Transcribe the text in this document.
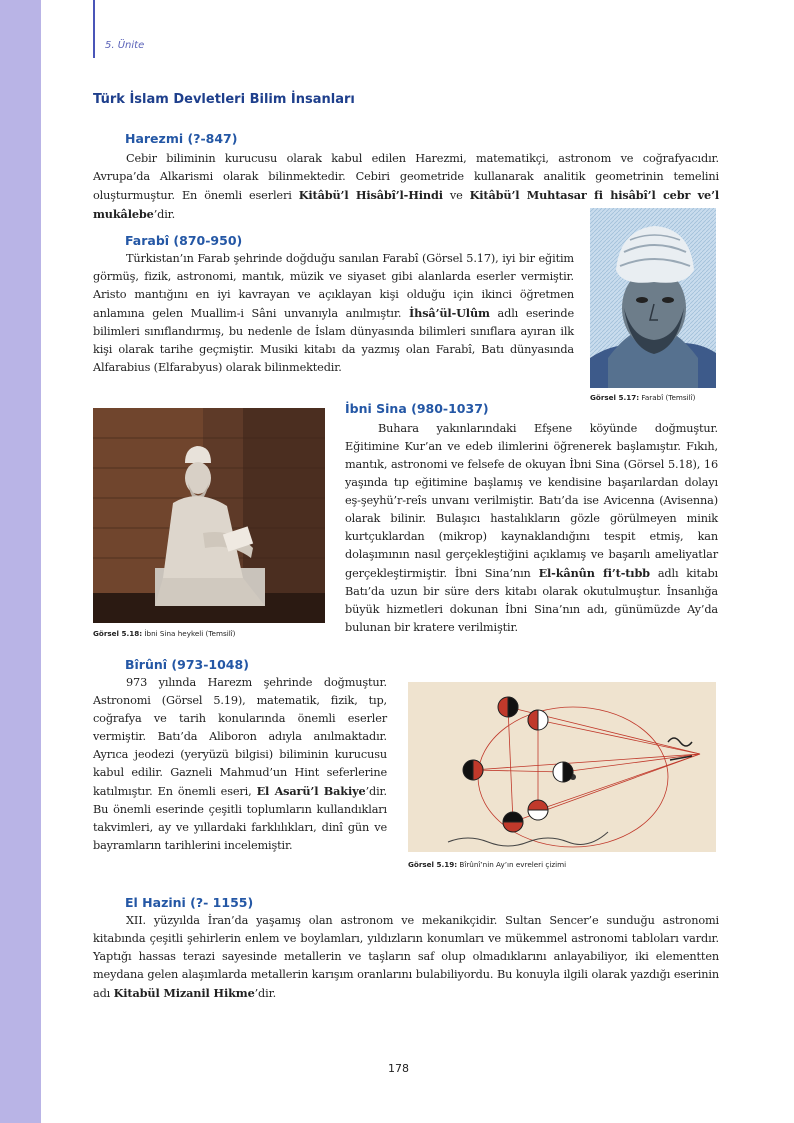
5. Ünite
Türk İslam Devletleri Bilim İnsanları
Harezmi (?-847)

Cebir biliminin kurucusu olarak kabul edilen Harezmi, matematikçi, astronom ve coğrafyacıdır. Avrupa’da Alkarismi olarak bilinmektedir. Cebiri geometride kullanarak analitik geometrinin temelini oluşturmuştur. En önemli eserleri Kitâbü’l Hisâbî’l-Hindi ve Kitâbü’l Muhtasar fi hisâbî’l cebr ve’l mukâlebe’dir.

Farabî (870-950)

Türkistan’ın Farab şehrinde doğduğu sanılan Farabî (Görsel 5.17), iyi bir eğitim görmüş, fizik, astronomi, mantık, müzik ve siyaset gibi alanlarda eserler vermiştir. Aristo mantığını en iyi kavrayan ve açıklayan kişi olduğu için ikinci öğretmen anlamına gelen Muallim-i Sâni unvanıyla anılmıştır. İhsâ’ül-Ulûm adlı eserinde bilimleri sınıflandırmış, bu nedenle de İslam dünyasında bilimleri sınıflara ayıran ilk kişi olarak tarihe geçmiştir. Musiki kitabı da yazmış olan Farabî, Batı dünyasında Alfarabius (Elfarabyus) olarak bilinmektedir.

Görsel 5.17: Farabî (Temsilî)

Görsel 5.18: İbni Sina heykeli (Temsilî)

İbni Sina (980-1037)

Buhara yakınlarındaki Efşene köyünde doğmuştur. Eğitimine Kur’an ve edeb ilimlerini öğrenerek başlamıştır. Fıkıh, mantık, astronomi ve felsefe de okuyan İbni Sina (Görsel 5.18), 16 yaşında tıp eğitimine başlamış ve kendisine başarılardan dolayı eş-şeyhü’r-reîs unvanı verilmiştir. Batı’da ise Avicenna (Avisenna) olarak bilinir. Bulaşıcı hastalıkların gözle görülmeyen minik kurtçuklardan (mikrop) kaynaklandığını tespit etmiş, kan dolaşımının nasıl gerçekleştiğini açıklamış ve başarılı ameliyatlar gerçekleştirmiştir. İbni Sina’nın El-kânûn fi’t-tıbb adlı kitabı Batı’da uzun bir süre ders kitabı olarak okutulmuştur. İnsanlığa büyük hizmetleri dokunan İbni Sina’nın adı, günümüzde Ay’da bulunan bir kratere verilmiştir.

Bîrûnî (973-1048)

973 yılında Harezm şehrinde doğmuştur. Astronomi (Görsel 5.19), matematik, fizik, tıp, coğrafya ve tarih konularında önemli eserler vermiştir. Batı’da Aliboron adıyla anılmaktadır. Ayrıca jeodezi (yeryüzü bilgisi) biliminin kurucusu kabul edilir. Gazneli Mahmud’un Hint seferlerine katılmıştır. En önemli eseri, El Asarü’l Bakiye’dir. Bu önemli eserinde çeşitli toplumların kullandıkları takvimleri, ay ve yıllardaki farklılıkları, dinî gün ve bayramların tarihlerini incelemiştir.

Görsel 5.19: Bîrûnî’nin Ay’ın evreleri çizimi

El Hazini (?- 1155)

XII. yüzyılda İran’da yaşamış olan astronom ve mekanikçidir. Sultan Sencer’e sunduğu astronomi kitabında çeşitli şehirlerin enlem ve boylamları, yıldızların konumları ve mükemmel astronomi tabloları vardır. Yaptığı hassas terazi sayesinde metallerin ve taşların saf olup olmadıklarını anlayabiliyor, iki elementten meydana gelen alaşımlarda metallerin karışım oranlarını bulabiliyordu. Bu konuyla ilgili olarak yazdığı eserinin adı Kitabül Mizanil Hikme’dir.

178
